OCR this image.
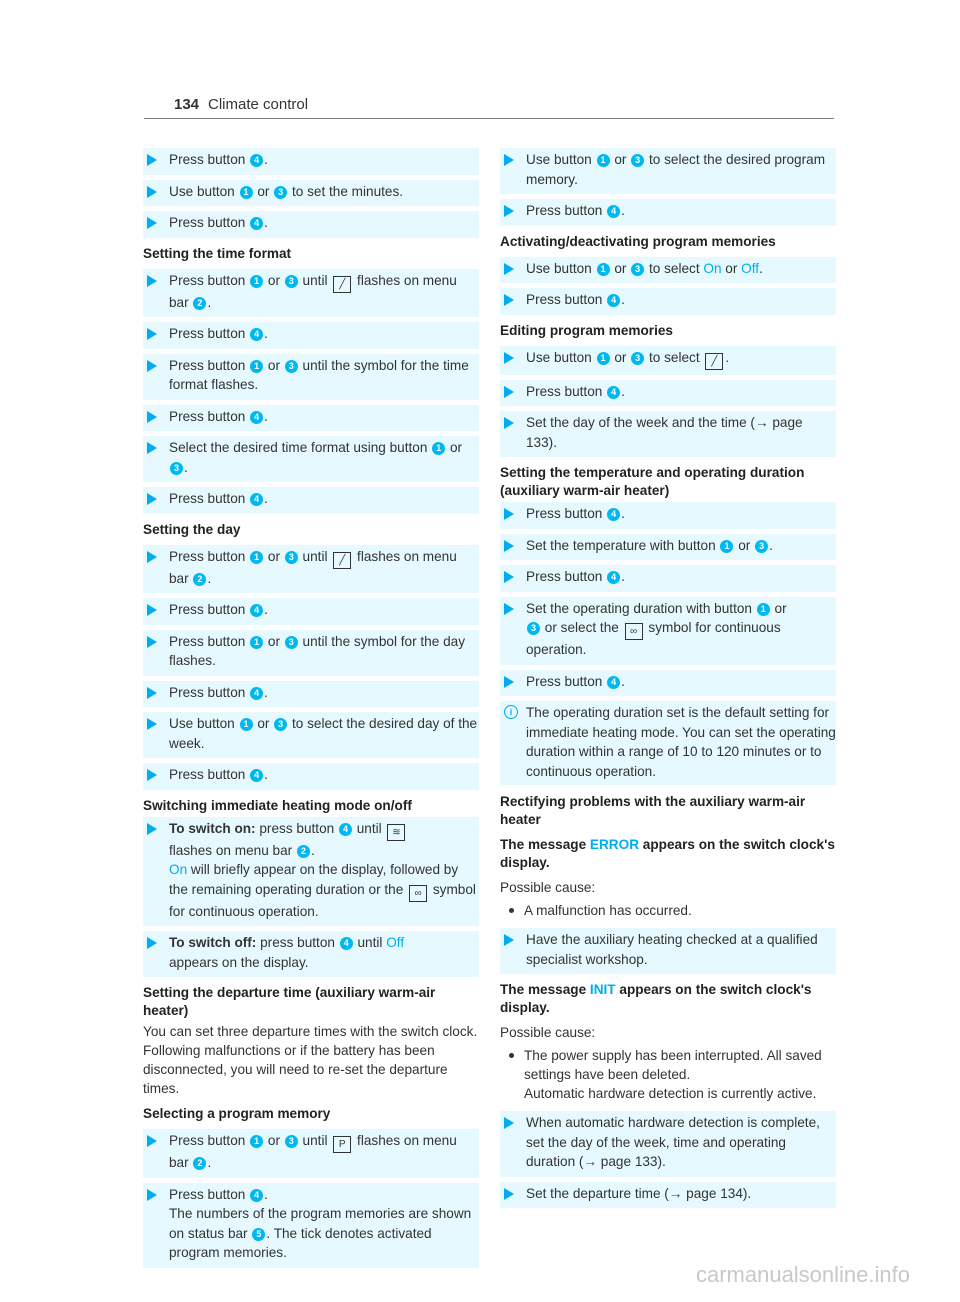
134 Climate control
Press button 4 .
Use button 1 or 3 to set the minutes.
Press button 4 .
Setting the time format
Press button 1 or 3 until ╱ flashes on menu bar 2 .
Press button 4 .
Press button 1 or 3 until the symbol for the time format flashes.
Press button 4 .
Select the desired time format using button 1 or 3 .
Press button 4 .
Setting the day
Press button 1 or 3 until ╱ flashes on menu bar 2 .
Press button 4 .
Press button 1 or 3 until the symbol for the day flashes.
Press button 4 .
Use button 1 or 3 to select the desired day of the week.
Press button 4 .
Switching immediate heating mode on/off
To switch on: press button 4 until ≋
flashes on menu bar 2 .
On will briefly appear on the display, followed by the remaining operating duration or the ∞ symbol for continuous operation.
To switch off: press button 4 until Off
appears on the display.
Setting the departure time (auxiliary warm-air heater)
You can set three departure times with the switch clock. Following malfunctions or if the battery has been disconnected, you will need to re-set the departure times.
Selecting a program memory
Press button 1 or 3 until P flashes on menu bar 2 .
Press button 4 .
The numbers of the program memories are shown on status bar 5 . The tick denotes activated program memories.
Use button 1 or 3 to select the desired program memory.
Press button 4 .
Activating/deactivating program memories
Use button 1 or 3 to select On or Off.
Press button 4 .
Editing program memories
Use button 1 or 3 to select ╱ .
Press button 4 .
Set the day of the week and the time (→ page 133).
Setting the temperature and operating duration (auxiliary warm-air heater)
Press button 4 .
Set the temperature with button 1 or 3 .
Press button 4 .
Set the operating duration with button 1 or
3 or select the ∞ symbol for continuous operation.
Press button 4 .
i	The operating duration set is the default setting for immediate heating mode. You can set the operating duration within a range of 10 to 120 minutes or to continuous operation.
Rectifying problems with the auxiliary warm-air heater
The message ERROR appears on the switch clock's display.
Possible cause:
A malfunction has occurred.
Have the auxiliary heating checked at a qualified specialist workshop.
The message INIT appears on the switch clock's display.
Possible cause:
The power supply has been interrupted. All saved settings have been deleted.
Automatic hardware detection is currently active.
When automatic hardware detection is complete, set the day of the week, time and operating duration (→ page 133).
Set the departure time (→ page 134).
carmanualsonline.info
